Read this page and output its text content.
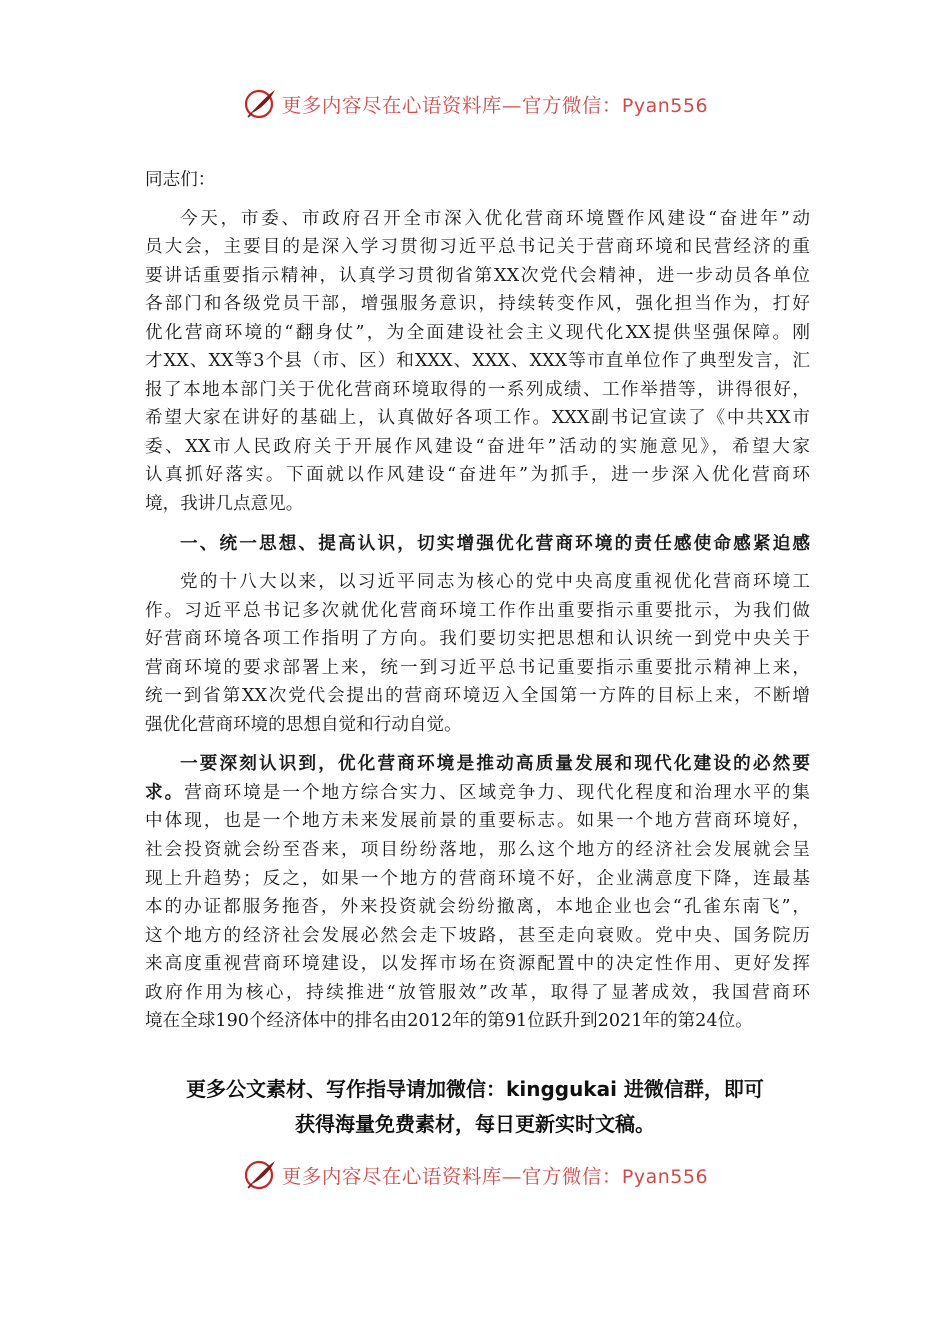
更多内容尽在心语资料库—官方微信：Pyan556
同志们：
今天，市委、市政府召开全市深入优化营商环境暨作风建设“奋进年”动
员大会，主要目的是深入学习贯彻习近平总书记关于营商环境和民营经济的重
要讲话重要指示精神，认真学习贯彻省第XX次党代会精神，进一步动员各单位
各部门和各级党员干部，增强服务意识，持续转变作风，强化担当作为，打好
优化营商环境的“翻身仗”，为全面建设社会主义现代化XX提供坚强保障。刚
才XX、XX等3个县（市、区）和XXX、XXX、XXX等市直单位作了典型发言，汇
报了本地本部门关于优化营商环境取得的一系列成绩、工作举措等，讲得很好，
希望大家在讲好的基础上，认真做好各项工作。XXX副书记宣读了《中共XX市
委、XX市人民政府关于开展作风建设“奋进年”活动的实施意见》，希望大家
认真抓好落实。下面就以作风建设“奋进年”为抓手，进一步深入优化营商环
境，我讲几点意见。
一、统一思想、提高认识，切实增强优化营商环境的责任感使命感紧迫感
党的十八大以来，以习近平同志为核心的党中央高度重视优化营商环境工
作。习近平总书记多次就优化营商环境工作作出重要指示重要批示，为我们做
好营商环境各项工作指明了方向。我们要切实把思想和认识统一到党中央关于
营商环境的要求部署上来，统一到习近平总书记重要指示重要批示精神上来，
统一到省第XX次党代会提出的营商环境迈入全国第一方阵的目标上来，不断增
强优化营商环境的思想自觉和行动自觉。
一要深刻认识到，优化营商环境是推动高质量发展和现代化建设的必然要
求。营商环境是一个地方综合实力、区域竞争力、现代化程度和治理水平的集
中体现，也是一个地方未来发展前景的重要标志。如果一个地方营商环境好，
社会投资就会纷至沓来，项目纷纷落地，那么这个地方的经济社会发展就会呈
现上升趋势；反之，如果一个地方的营商环境不好，企业满意度下降，连最基
本的办证都服务拖沓，外来投资就会纷纷撤离，本地企业也会“孔雀东南飞”，
这个地方的经济社会发展必然会走下坡路，甚至走向衰败。党中央、国务院历
来高度重视营商环境建设，以发挥市场在资源配置中的决定性作用、更好发挥
政府作用为核心，持续推进“放管服效”改革，取得了显著成效，我国营商环
境在全球190个经济体中的排名由2012年的第91位跃升到2021年的第24位。
更多公文素材、写作指导请加微信：kinggukai 进微信群，即可
获得海量免费素材，每日更新实时文稿。
更多内容尽在心语资料库—官方微信：Pyan556
